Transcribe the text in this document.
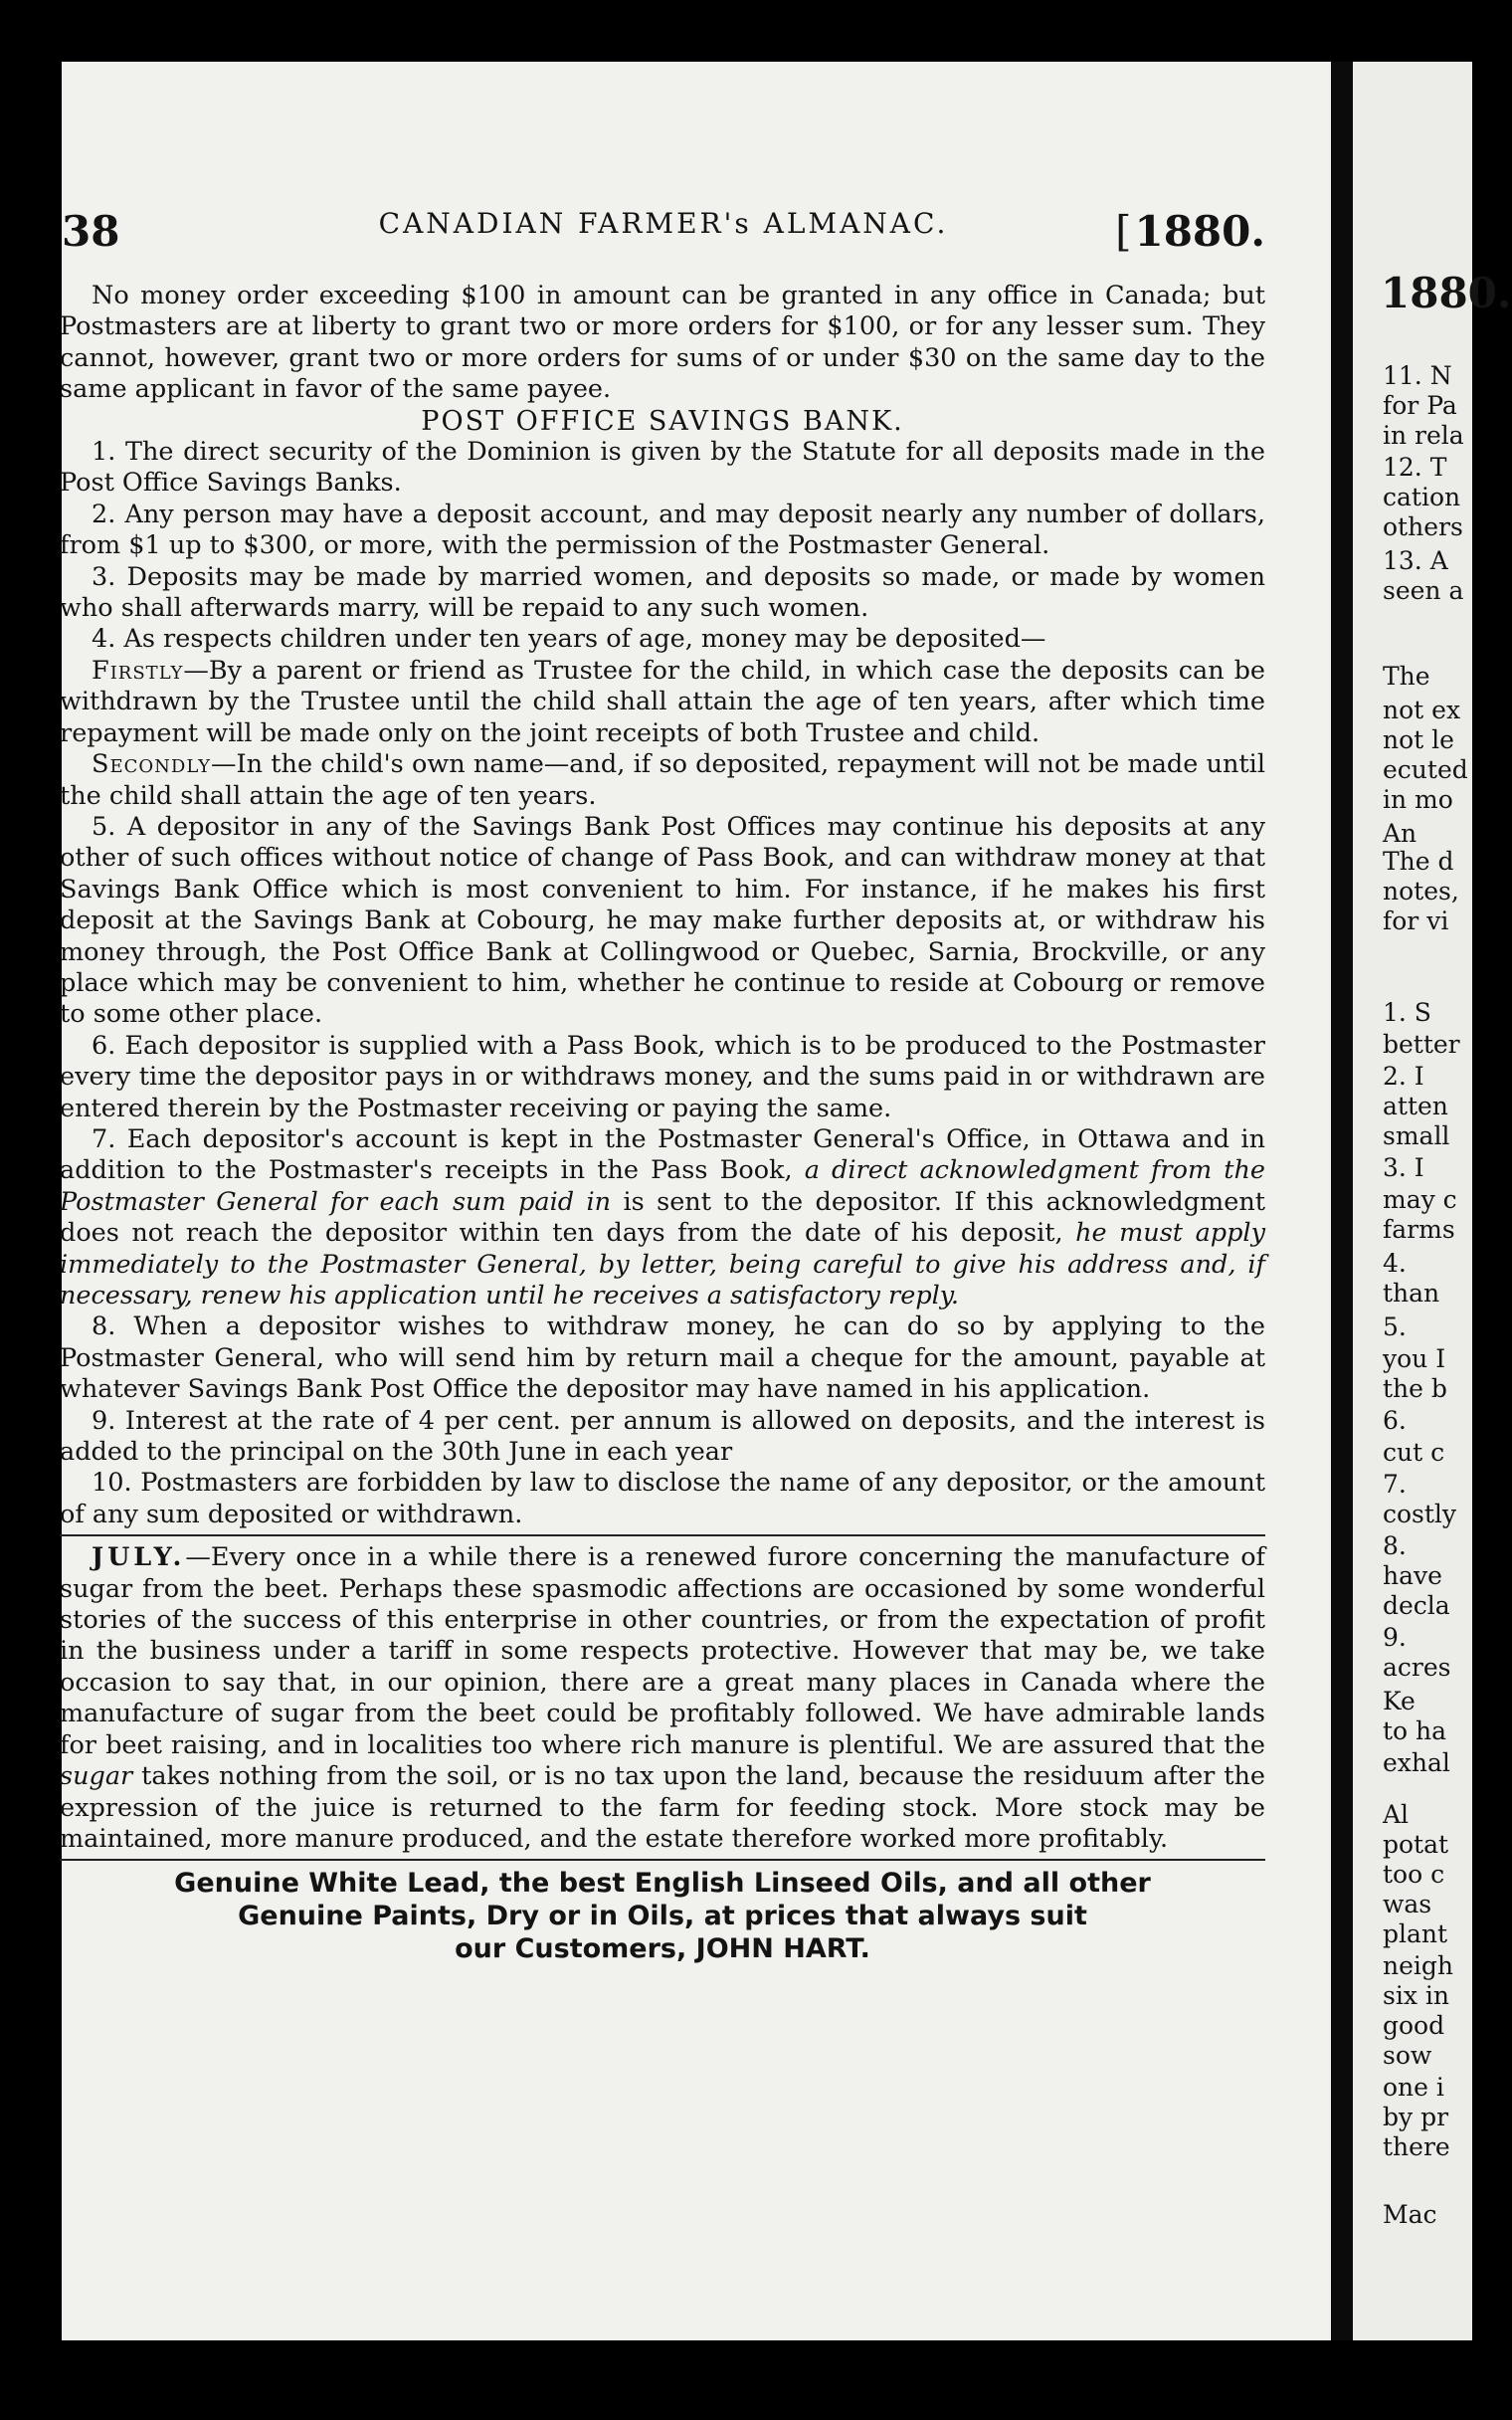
1880.
11. N
for Pa
in rela
12. T
cation
others
13. A
seen a
The
not ex
not le
ecuted
in mo
An
The d
notes,
for vi
1. S
better
2. I
atten
small
3. I
may c
farms
4.
than
5.
you I
the b
6.
cut c
7.
costly
8.
have
decla
9.
acres
Ke
to ha
exhal
Al
potat
too c
was
plant
neigh
six in
good
sow
one i
by pr
there
Mac
38	CANADIAN FARMER's ALMANAC.
[	1880.

No money order exceeding $100 in amount can be granted in any office in Canada; but Postmasters are at liberty to grant two or more orders for $100, or for any lesser sum. They cannot, however, grant two or more orders for sums of or under $30 on the same day to the same applicant in favor of the same payee.

POST OFFICE SAVINGS BANK.

1. The direct security of the Dominion is given by the Statute for all deposits made in the Post Office Savings Banks.

2. Any person may have a deposit account, and may deposit nearly any number of dollars, from $1 up to $300, or more, with the permission of the Postmaster General.

3. Deposits may be made by married women, and deposits so made, or made by women who shall afterwards marry, will be repaid to any such women.

4. As respects children under ten years of age, money may be deposited—

Firstly—By a parent or friend as Trustee for the child, in which case the deposits can be withdrawn by the Trustee until the child shall attain the age of ten years, after which time repayment will be made only on the joint receipts of both Trustee and child.

Secondly—In the child's own name—and, if so deposited, repayment will not be made until the child shall attain the age of ten years.

5. A depositor in any of the Savings Bank Post Offices may continue his deposits at any other of such offices without notice of change of Pass Book, and can withdraw money at that Savings Bank Office which is most convenient to him. For instance, if he makes his first deposit at the Savings Bank at Cobourg, he may make further deposits at, or withdraw his money through, the Post Office Bank at Collingwood or Quebec, Sarnia, Brockville, or any place which may be convenient to him, whether he continue to reside at Cobourg or remove to some other place.

6. Each depositor is supplied with a Pass Book, which is to be produced to the Postmaster every time the depositor pays in or withdraws money, and the sums paid in or withdrawn are entered therein by the Postmaster receiving or paying the same.

7. Each depositor's account is kept in the Postmaster General's Office, in Ottawa and in addition to the Postmaster's receipts in the Pass Book, a direct acknowledgment from the Postmaster General for each sum paid in is sent to the depositor. If this acknowledgment does not reach the depositor within ten days from the date of his deposit, he must apply immediately to the Postmaster General, by letter, being careful to give his address and, if necessary, renew his application until he receives a satisfactory reply.

8. When a depositor wishes to withdraw money, he can do so by applying to the Postmaster General, who will send him by return mail a cheque for the amount, payable at whatever Savings Bank Post Office the depositor may have named in his application.

9. Interest at the rate of 4 per cent. per annum is allowed on deposits, and the interest is added to the principal on the 30th June in each year

10. Postmasters are forbidden by law to disclose the name of any depositor, or the amount of any sum deposited or withdrawn.

JULY.—Every once in a while there is a renewed furore concerning the manufacture of sugar from the beet. Perhaps these spasmodic affections are occasioned by some wonderful stories of the success of this enterprise in other countries, or from the expectation of profit in the business under a tariff in some respects protective. However that may be, we take occasion to say that, in our opinion, there are a great many places in Canada where the manufacture of sugar from the beet could be profitably followed. We have admirable lands for beet raising, and in localities too where rich manure is plentiful. We are assured that the sugar takes nothing from the soil, or is no tax upon the land, because the residuum after the expression of the juice is returned to the farm for feeding stock. More stock may be maintained, more manure produced, and the estate therefore worked more profitably.

Genuine White Lead, the best English Linseed Oils, and all other

Genuine Paints, Dry or in Oils, at prices that always suit

our Customers, JOHN HART.
